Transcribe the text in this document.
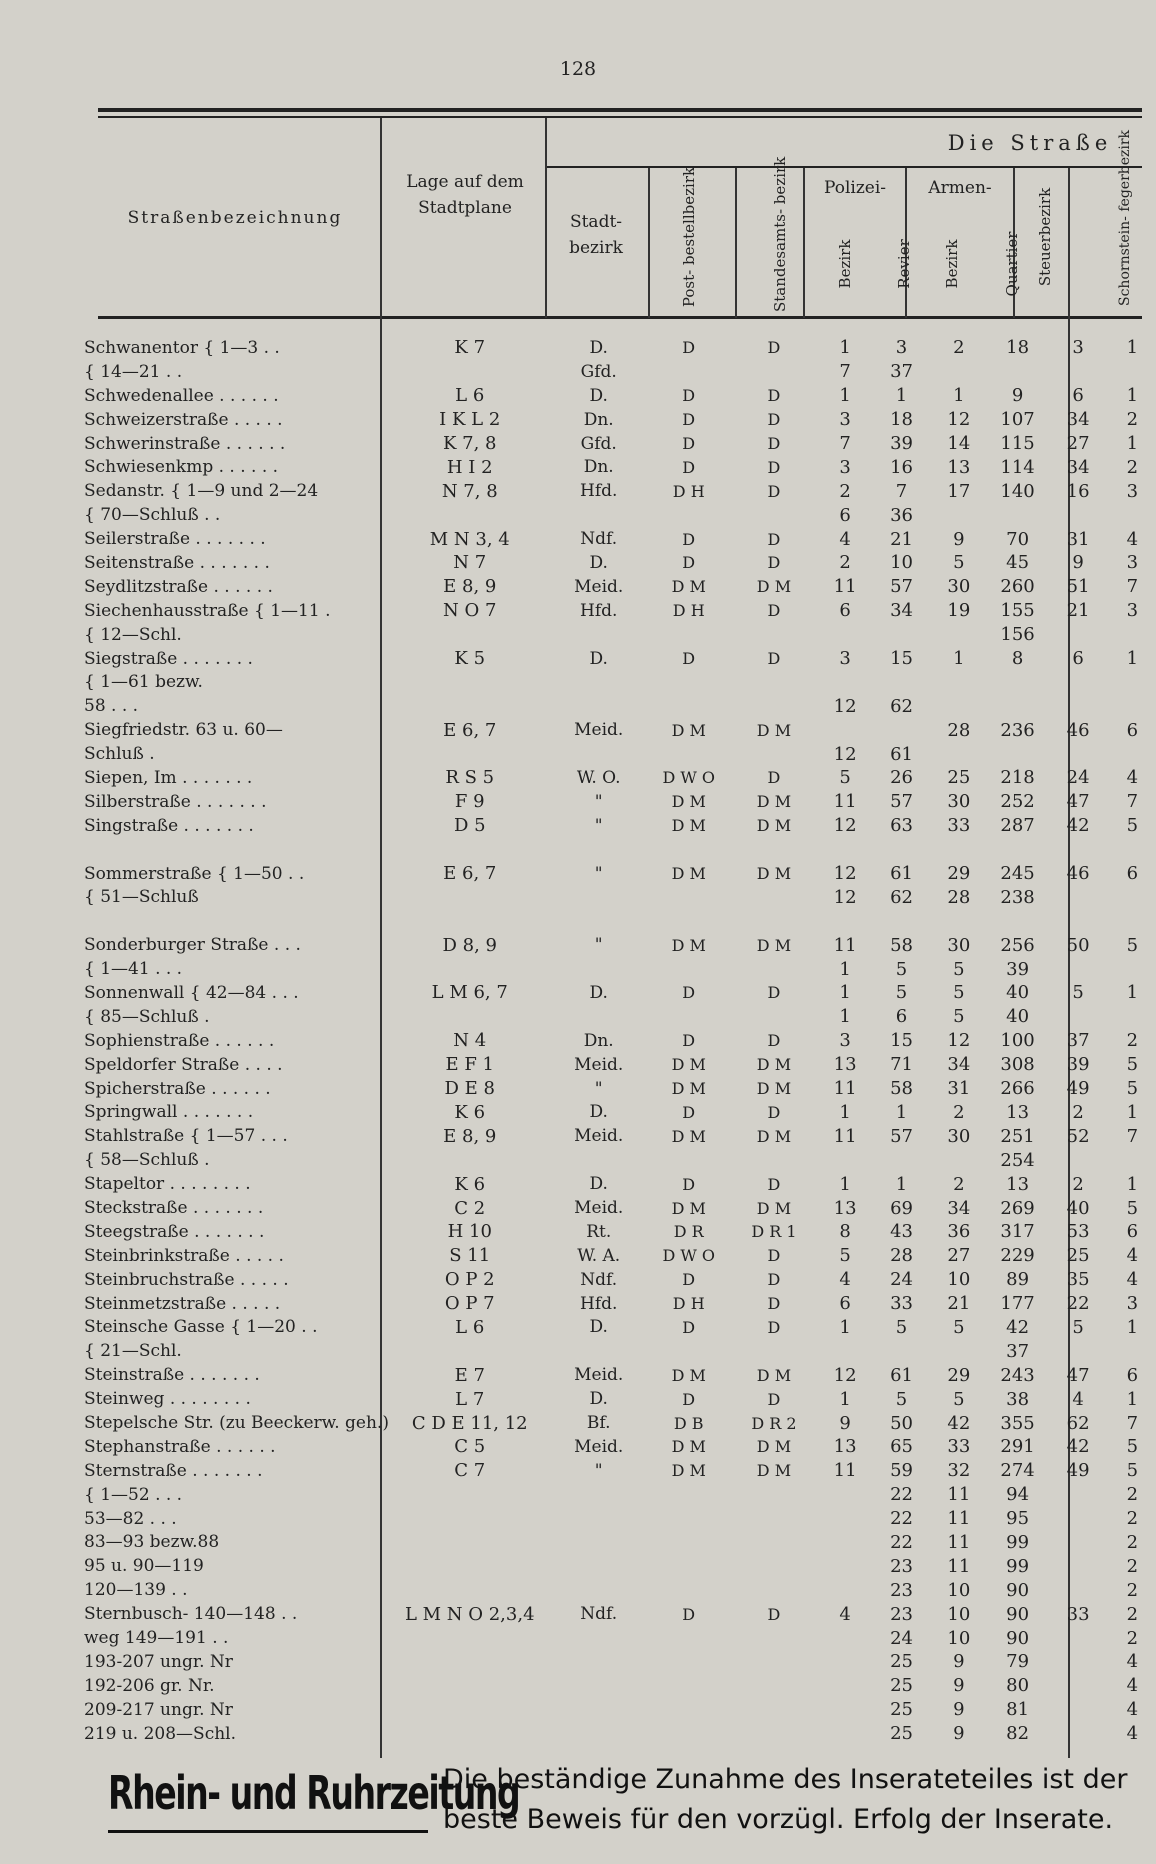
128
Die Straße
Straßenbezeichnung
Lage auf dem Stadtplane
Stadt- bezirk	Post- bestellbezirk	Standesamts- bezirk	Polizei-
Bezirk	Revier
Armen-
Bezirk	Quartier Steuerbezirk	Schornstein- fegerbezirk
Schwanentor { 1—3 . .	K 7	D.	D	D	1	3	2	18	3	1
{ 14—21 . .		Gfd.			7	37				
Schwedenallee . . . . . .	L 6	D.	D	D	1	1	1	9	6	1
Schweizerstraße . . . . .	I K L 2	Dn.	D	D	3	18	12	107	34	2
Schwerinstraße . . . . . .	K 7, 8	Gfd.	D	D	7	39	14	115	27	1
Schwiesenkmp . . . . . .	H I 2	Dn.	D	D	3	16	13	114	34	2
Sedanstr. { 1—9 und 2—24	N 7, 8	Hfd.	D H	D	2	7	17	140	16	3
{ 70—Schluß . .					6	36				
Seilerstraße . . . . . . .	M N 3, 4	Ndf.	D	D	4	21	9	70	31	4
Seitenstraße . . . . . . .	N 7	D.	D	D	2	10	5	45	9	3
Seydlitzstraße . . . . . .	E 8, 9	Meid.	D M	D M	11	57	30	260	51	7
Siechenhausstraße { 1—11 .	N O 7	Hfd.	D H	D	6	34	19	155	21	3
{ 12—Schl.								156		
Siegstraße . . . . . . .	K 5	D.	D	D	3	15	1	8	6	1
{ 1—61 bezw.										
58 . . .					12	62				
Siegfriedstr. 63 u. 60—	E 6, 7	Meid.	D M	D M			28	236	46	6
Schluß .					12	61				
Siepen, Im . . . . . . .	R S 5	W. O.	D W O	D	5	26	25	218	24	4
Silberstraße . . . . . . .	F 9	"	D M	D M	11	57	30	252	47	7
Singstraße . . . . . . .	D 5	"	D M	D M	12	63	33	287	42	5

Sommerstraße { 1—50 . .	E 6, 7	"	D M	D M	12	61	29	245	46	6
{ 51—Schluß					12	62	28	238		

Sonderburger Straße . . .	D 8, 9	"	D M	D M	11	58	30	256	50	5
{ 1—41 . . .					1	5	5	39		
Sonnenwall { 42—84 . . .	L M 6, 7	D.	D	D	1	5	5	40	5	1
{ 85—Schluß .					1	6	5	40		
Sophienstraße . . . . . .	N 4	Dn.	D	D	3	15	12	100	37	2
Speldorfer Straße . . . .	E F 1	Meid.	D M	D M	13	71	34	308	39	5
Spicherstraße . . . . . .	D E 8	"	D M	D M	11	58	31	266	49	5
Springwall . . . . . . .	K 6	D.	D	D	1	1	2	13	2	1
Stahlstraße { 1—57 . . .	E 8, 9	Meid.	D M	D M	11	57	30	251	52	7
{ 58—Schluß .								254		
Stapeltor . . . . . . . .	K 6	D.	D	D	1	1	2	13	2	1
Steckstraße . . . . . . .	C 2	Meid.	D M	D M	13	69	34	269	40	5
Steegstraße . . . . . . .	H 10	Rt.	D R	D R 1	8	43	36	317	53	6
Steinbrinkstraße . . . . .	S 11	W. A.	D W O	D	5	28	27	229	25	4
Steinbruchstraße . . . . .	O P 2	Ndf.	D	D	4	24	10	89	35	4
Steinmetzstraße . . . . .	O P 7	Hfd.	D H	D	6	33	21	177	22	3
Steinsche Gasse { 1—20 . .	L 6	D.	D	D	1	5	5	42	5	1
{ 21—Schl.								37		
Steinstraße . . . . . . .	E 7	Meid.	D M	D M	12	61	29	243	47	6
Steinweg . . . . . . . .	L 7	D.	D	D	1	5	5	38	4	1
Stepelsche Str. (zu Beeckerw. geh.)	C D E 11, 12	Bf.	D B	D R 2	9	50	42	355	62	7
Stephanstraße . . . . . .	C 5	Meid.	D M	D M	13	65	33	291	42	5
Sternstraße . . . . . . .	C 7	"	D M	D M	11	59	32	274	49	5
{ 1—52 . . .						22	11	94		2
53—82 . . .						22	11	95		2
83—93 bezw.88						22	11	99		2
95 u. 90—119						23	11	99		2
120—139 . .						23	10	90		2
Sternbusch- 140—148 . .	L M N O 2,3,4	Ndf.	D	D	4	23	10	90	33	2
weg 149—191 . .						24	10	90		2
193-207 ungr. Nr						25	9	79		4
192-206 gr. Nr.						25	9	80		4
209-217 ungr. Nr						25	9	81		4
219 u. 208—Schl.						25	9	82		4
Rhein- und Ruhrzeitung
Die beständige Zunahme des Inserateteiles ist der
beste Beweis für den vorzügl. Erfolg der Inserate.
